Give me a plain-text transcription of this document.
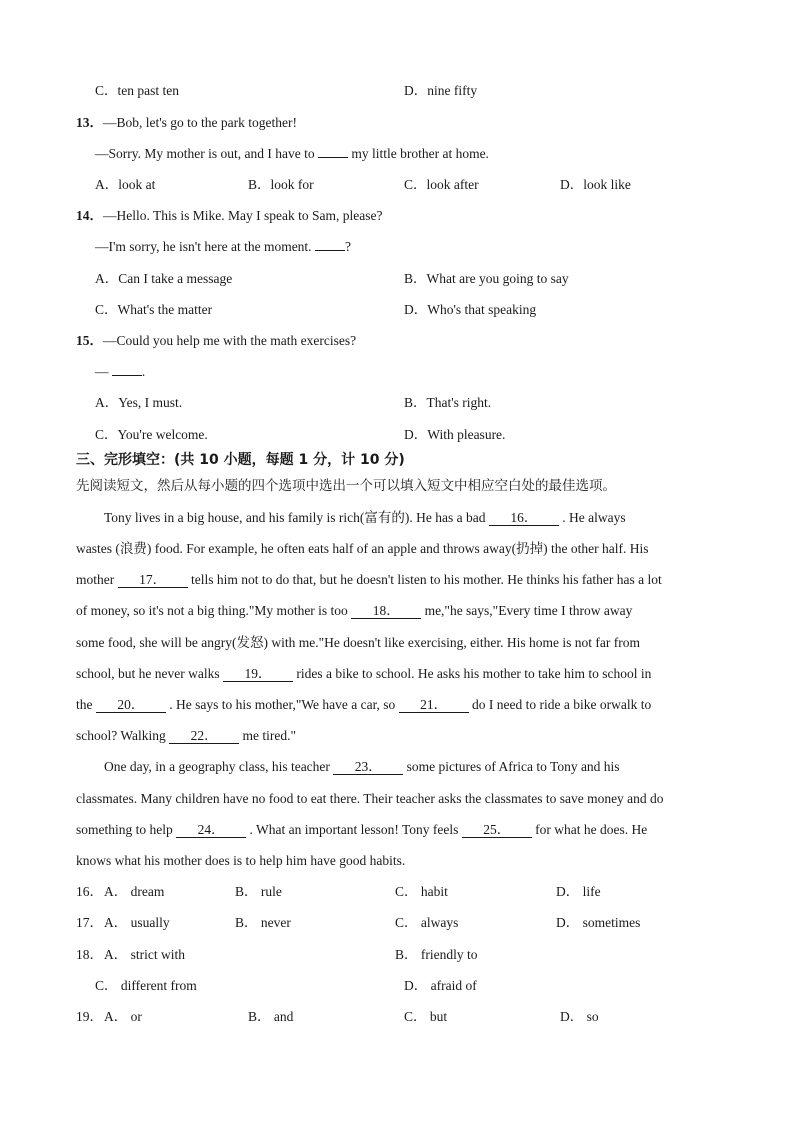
C．ten past ten	D．nine fifty
13．—Bob, let's go to the park together!
—Sorry. My mother is out, and I have to	my little brother at home.
A．look at	B．look for	C．look after	D．look like
14．—Hello. This is Mike. May I speak to Sam, please?
—I'm sorry, he isn't here at the moment. ?
A．Can I take a message	B．What are you going to say
C．What's the matter	D．Who's that speaking
15．—Could you help me with the math exercises?
— .
A．Yes, I must.	B．That's right.
C．You're welcome.	D．With pleasure.
三、完形填空：(共 10 小题，每题 1 分，计 10 分)
先阅读短文，然后从每小题的四个选项中选出一个可以填入短文中相应空白处的最佳选项。
Tony lives in a big house, and his family is rich(富有的). He has a bad 16． . He always
wastes (浪费) food. For example, he often eats half of an apple and throws away(扔掉) the other half. His
mother 17． tells him not to do that, but he doesn't listen to his mother. He thinks his father has a lot
of money, so it's not a big thing."My mother is too 18． me,"he says,"Every time I throw away
some food, she will be angry(发怒) with me."He doesn't like exercising, either. His home is not far from
school, but he never walks 19． rides a bike to school. He asks his mother to take him to school in
the 20． . He says to his mother,"We have a car, so 21． do I need to ride a bike orwalk to
school? Walking 22． me tired."
One day, in a geography class, his teacher 23． some pictures of Africa to Tony and his
classmates. Many children have no food to eat there. Their teacher asks the classmates to save money and do
something to help 24． . What an important lesson! Tony feels 25． for what he does. He
knows what his mother does is to help him have good habits.
16． A． dream	B． rule	C． habit	D． life
17． A． usually	B． never	C． always	D． sometimes
18． A． strict with	B． friendly to
C． different from	D． afraid of
19． A． or	B． and	C． but	D． so
